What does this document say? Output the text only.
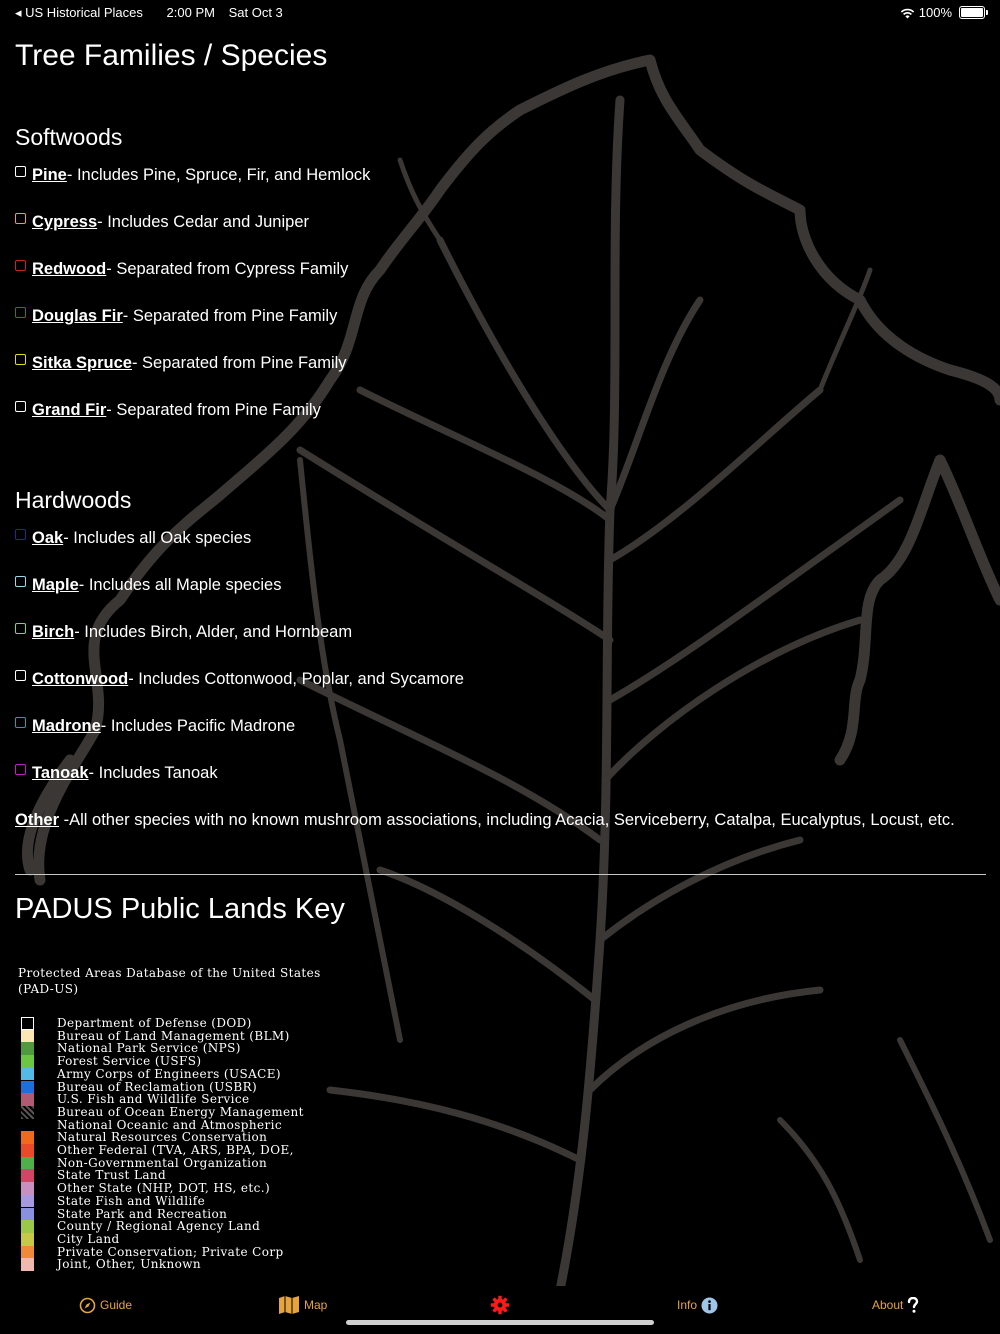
◂ US Historical Places 2:00 PM Sat Oct 3	100%
Tree Families / Species
Softwoods
Pine - Includes Pine, Spruce, Fir, and Hemlock
Cypress - Includes Cedar and Juniper
Redwood - Separated from Cypress Family
Douglas Fir - Separated from Pine Family
Sitka Spruce - Separated from Pine Family
Grand Fir - Separated from Pine Family
Hardwoods
Oak - Includes all Oak species
Maple - Includes all Maple species
Birch - Includes Birch, Alder, and Hornbeam
Cottonwood - Includes Cottonwood, Poplar, and Sycamore
Madrone - Includes Pacific Madrone
Tanoak - Includes Tanoak
Other -All other species with no known mushroom associations, including Acacia, Serviceberry, Catalpa, Eucalyptus, Locust, etc.
PADUS Public Lands Key
Protected Areas Database of the United States (PAD-US)
Department of Defense (DOD)
Bureau of Land Management (BLM)
National Park Service (NPS)
Forest Service (USFS)
Army Corps of Engineers (USACE)
Bureau of Reclamation (USBR)
U.S. Fish and Wildlife Service
Bureau of Ocean Energy Management
National Oceanic and Atmospheric
Natural Resources Conservation
Other Federal (TVA, ARS, BPA, DOE,
Non-Governmental Organization
State Trust Land
Other State (NHP, DOT, HS, etc.)
State Fish and Wildlife
State Park and Recreation
County / Regional Agency Land
City Land
Private Conservation; Private Corp
Joint, Other, Unknown
Guide	Map	Info	About
